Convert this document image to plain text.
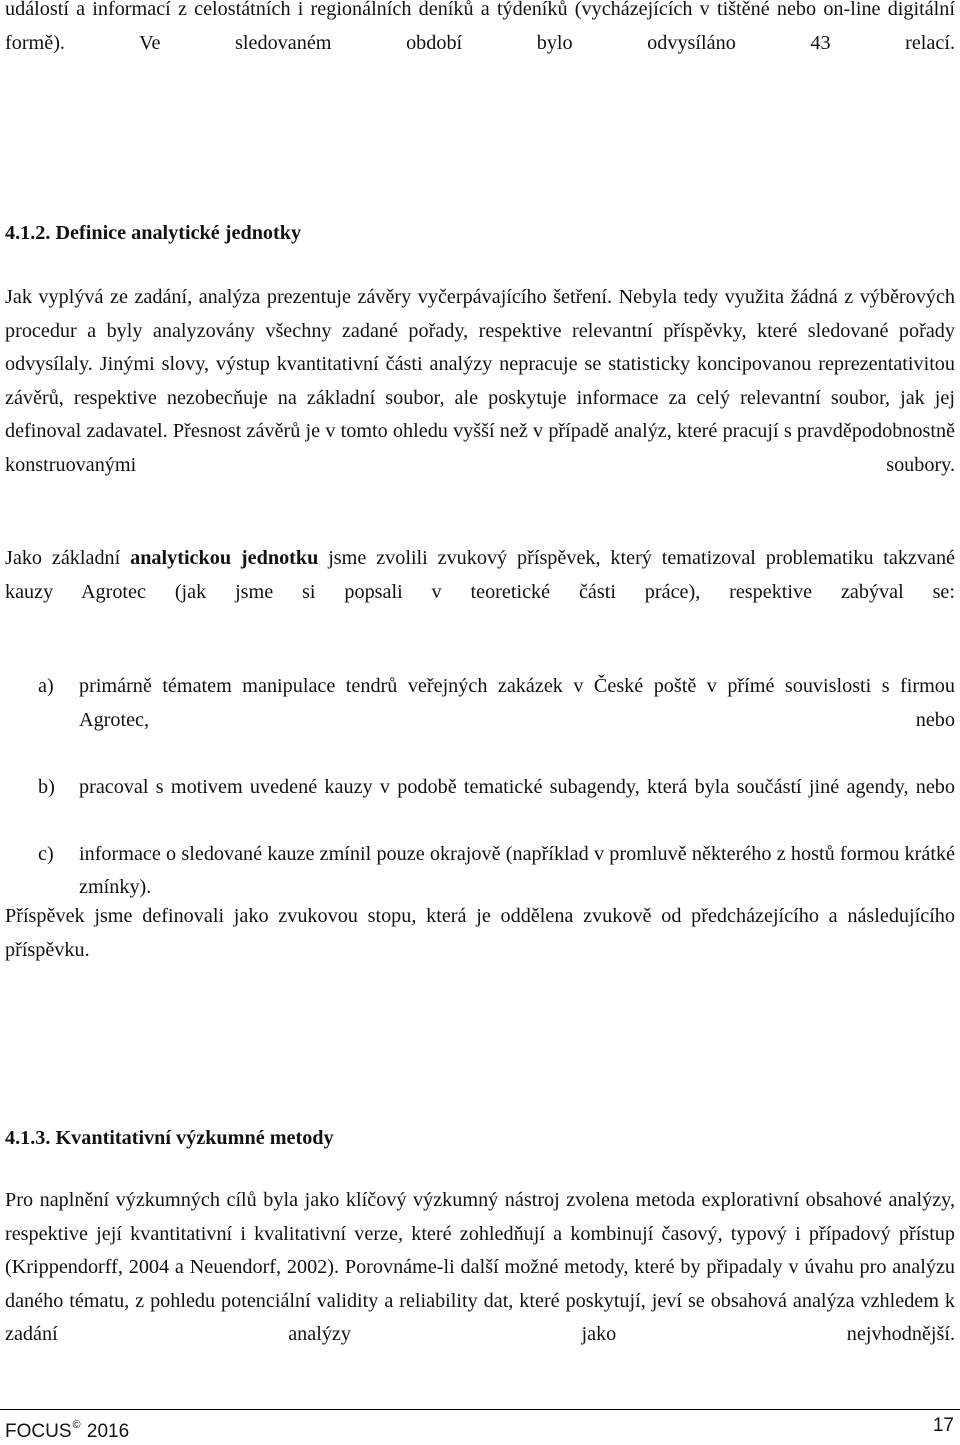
událostí a informací z celostátních i regionálních deníků a týdeníků (vycházejících v tištěné nebo on-line digitální formě). Ve sledovaném období bylo odvysíláno 43 relací.

4.1.2. Definice analytické jednotky

Jak vyplývá ze zadání, analýza prezentuje závěry vyčerpávajícího šetření. Nebyla tedy využita žádná z výběrových procedur a byly analyzovány všechny zadané pořady, respektive relevantní příspěvky, které sledované pořady odvysílaly. Jinými slovy, výstup kvantitativní části analýzy nepracuje se statisticky koncipovanou reprezentativitou závěrů, respektive nezobecňuje na základní soubor, ale poskytuje informace za celý relevantní soubor, jak jej definoval zadavatel. Přesnost závěrů je v tomto ohledu vyšší než v případě analýz, které pracují s pravděpodobnostně konstruovanými soubory.

Jako základní analytickou jednotku jsme zvolili zvukový příspěvek, který tematizoval problematiku takzvané kauzy Agrotec (jak jsme si popsali v teoretické části práce), respektive zabýval se:

a) primárně tématem manipulace tendrů veřejných zakázek v České poště v přímé souvislosti s firmou Agrotec, nebo
b) pracoval s motivem uvedené kauzy v podobě tematické subagendy, která byla součástí jiné agendy, nebo
c) informace o sledované kauze zmínil pouze okrajově (například v promluvě některého z hostů formou krátké zmínky).

Příspěvek jsme definovali jako zvukovou stopu, která je oddělena zvukově od předcházejícího a následujícího příspěvku.

4.1.3. Kvantitativní výzkumné metody

Pro naplnění výzkumných cílů byla jako klíčový výzkumný nástroj zvolena metoda explorativní obsahové analýzy, respektive její kvantitativní i kvalitativní verze, které zohledňují a kombinují časový, typový i případový přístup (Krippendorff, 2004 a Neuendorf, 2002). Porovnáme-li další možné metody, které by připadaly v úvahu pro analýzu daného tématu, z pohledu potenciální validity a reliability dat, které poskytují, jeví se obsahová analýza vzhledem k zadání analýzy jako nejvhodnější.

FOCUS© 2016	17
